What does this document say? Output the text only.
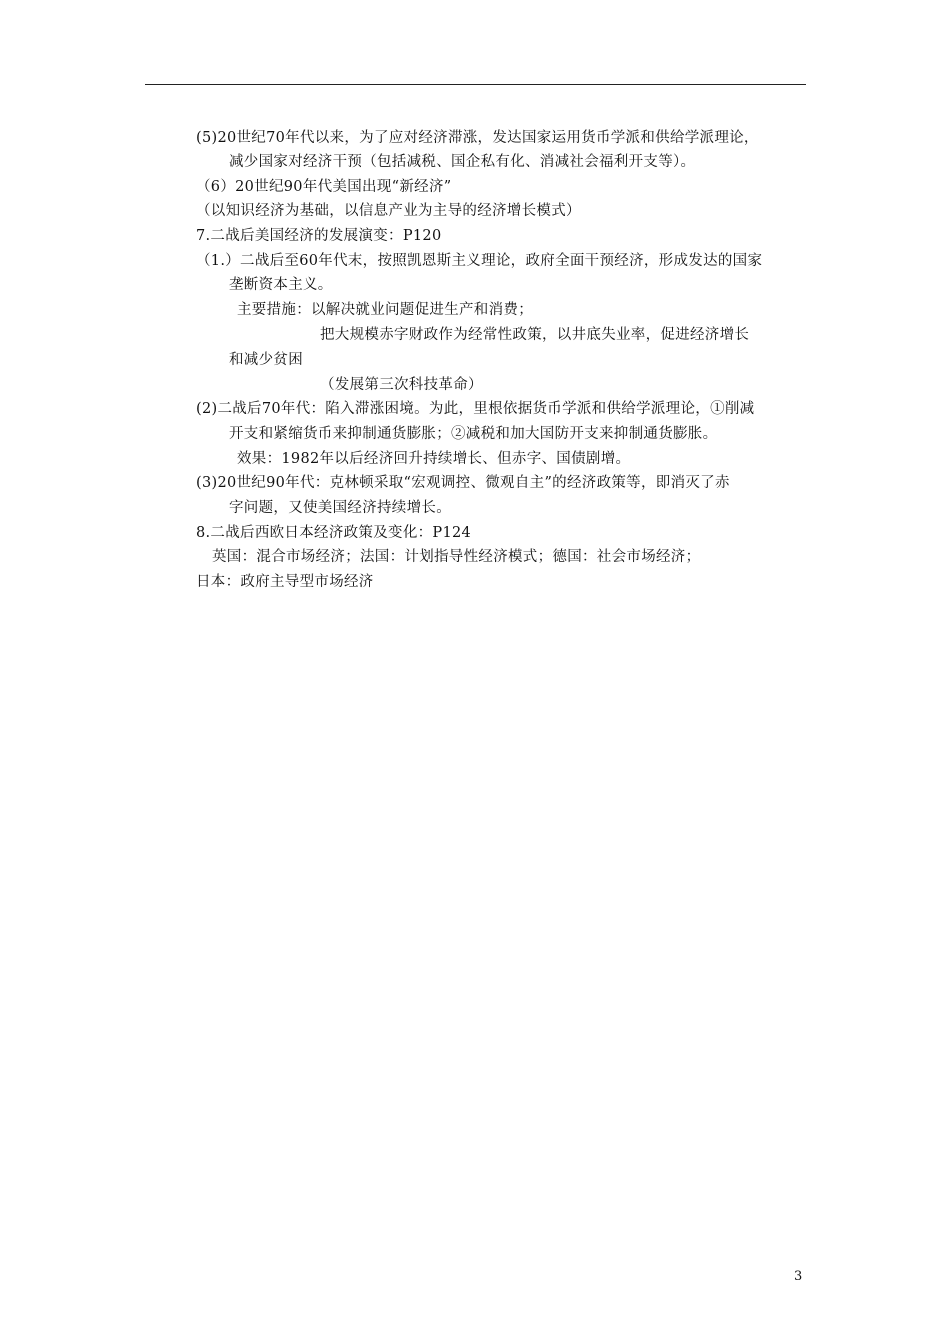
(5)20世纪70年代以来，为了应对经济滞涨，发达国家运用货币学派和供给学派理论，
减少国家对经济干预（包括减税、国企私有化、消减社会福利开支等）。
（6）20世纪90年代美国出现“新经济”
（以知识经济为基础，以信息产业为主导的经济增长模式）
7.二战后美国经济的发展演变：P120
（1.）二战后至60年代末，按照凯恩斯主义理论，政府全面干预经济，形成发达的国家
垄断资本主义。
主要措施：以解决就业问题促进生产和消费；
把大规模赤字财政作为经常性政策，以井底失业率，促进经济增长
和减少贫困
（发展第三次科技革命）
(2)二战后70年代：陷入滞涨困境。为此，里根依据货币学派和供给学派理论，①削减
开支和紧缩货币来抑制通货膨胀；②减税和加大国防开支来抑制通货膨胀。
效果：1982年以后经济回升持续增长、但赤字、国债剧增。
(3)20世纪90年代：克林顿采取“宏观调控、微观自主”的经济政策等，即消灭了赤
字问题，又使美国经济持续增长。
8.二战后西欧日本经济政策及变化：P124
英国：混合市场经济；法国：计划指导性经济模式；德国：社会市场经济；
日本：政府主导型市场经济
3
